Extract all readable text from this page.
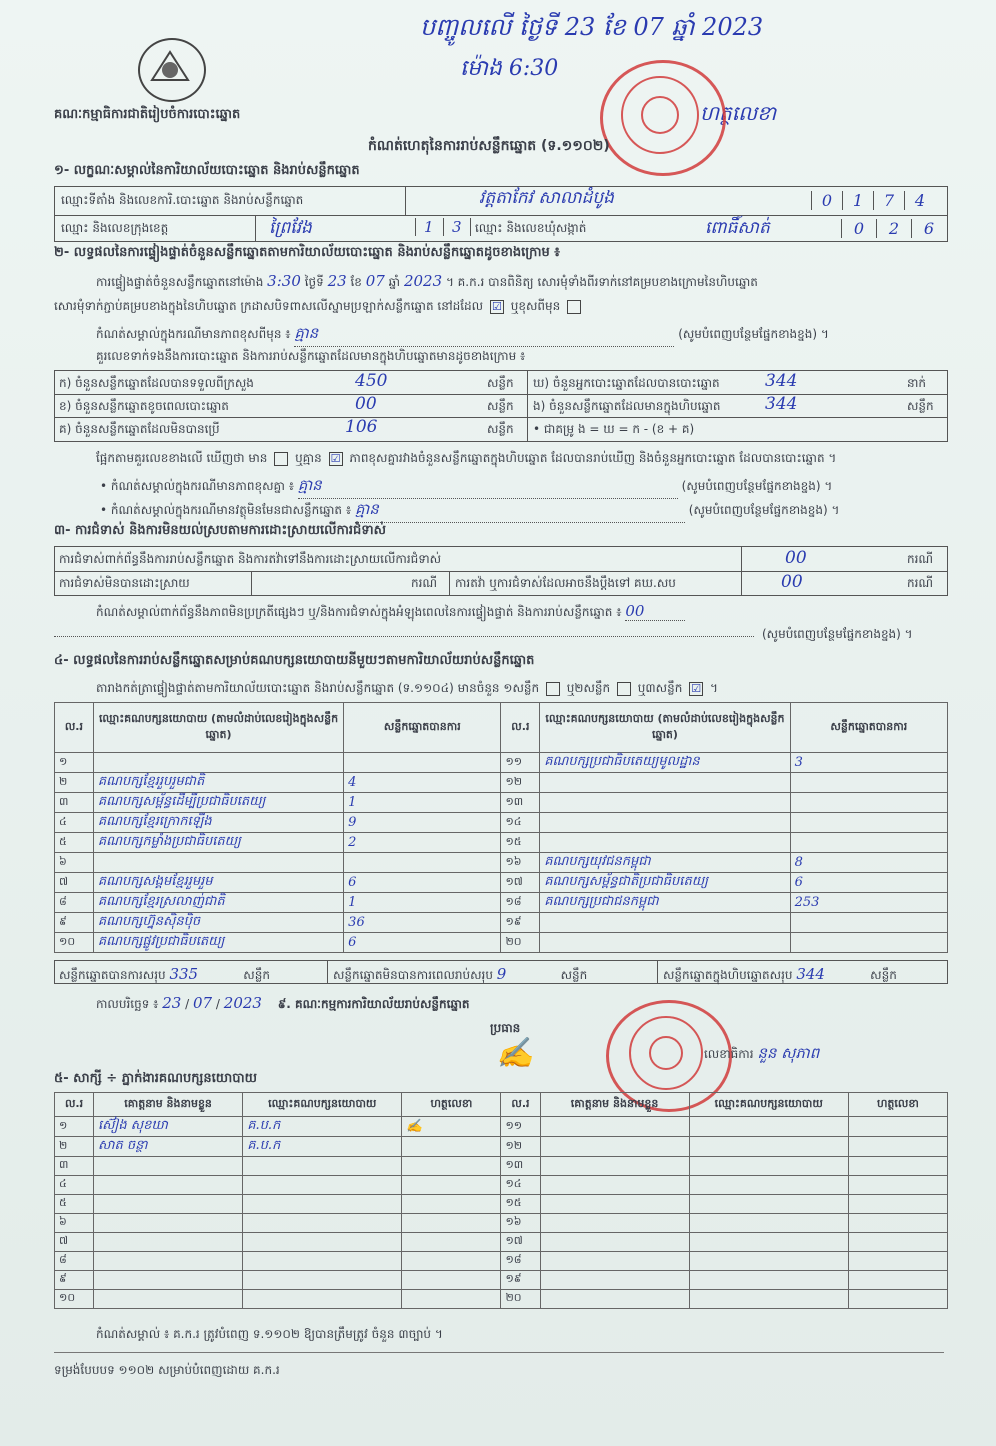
បញ្ចូលលើ ថ្ងៃទី 23 ខែ 07 ឆ្នាំ 2023
ម៉ោង 6:30
ហត្ថលេខា
គណៈកម្មាធិការជាតិរៀបចំការបោះឆ្នោត
កំណត់ហេតុនៃការរាប់សន្លឹកឆ្នោត (ទ.១១០២)
១- លក្ខណៈសម្គាល់នៃការិយាល័យបោះឆ្នោត និងរាប់សន្លឹកឆ្នោត
ឈ្មោះទីតាំង និងលេខការិ.បោះឆ្នោត និងរាប់សន្លឹកឆ្នោត	វត្តតាកែវ សាលាដំបូង	0	1	7	4
ឈ្មោះ និងលេខក្រុងខេត្ត	ព្រៃវែង	1	3	ឈ្មោះ និងលេខឃុំសង្កាត់	ពោធិ៍សាត់	0	2	6
២- លទ្ធផលនៃការផ្ទៀងផ្ទាត់ចំនួនសន្លឹកឆ្នោតតាមការិយាល័យបោះឆ្នោត និងរាប់សន្លឹកឆ្នោតដូចខាងក្រោម ៖
ការផ្ទៀងផ្ទាត់ចំនួនសន្លឹកឆ្នោតនៅម៉ោង 3:30 ថ្ងៃទី 23 ខែ 07 ឆ្នាំ 2023 ។ គ.ក.រ បានពិនិត្យ សោរមុំទាំងពីរទាក់នៅគម្របខាងក្រោមនៃហិបឆ្នោត
សោរមុំទាក់ភ្ជាប់គម្របខាងក្នុងនៃហិបឆ្នោត ក្រដាសបិទពាសលើស្នាមប្រឡាក់សន្លឹកឆ្នោត នៅដដែល ☑ ឬខុសពីមុន
កំណត់សម្គាល់ក្នុងករណីមានភាពខុសពីមុន ៖ គ្មាន	(សូមបំពេញបន្ថែមផ្នែកខាងខ្នង) ។
គួរលេខទាក់ទងនឹងការបោះឆ្នោត និងការរាប់សន្លឹកឆ្នោតដែលមានក្នុងហិបឆ្នោតមានដូចខាងក្រោម ៖
ក) ចំនួនសន្លឹកឆ្នោតដែលបានទទួលពីក្រសួង	450	សន្លឹក ឃ) ចំនួនអ្នកបោះឆ្នោតដែលបានបោះឆ្នោត	344	នាក់
ខ) ចំនួនសន្លឹកឆ្នោតខូចពេលបោះឆ្នោត	00	សន្លឹក ង) ចំនួនសន្លឹកឆ្នោតដែលមានក្នុងហិបឆ្នោត	344	សន្លឹក
គ) ចំនួនសន្លឹកឆ្នោតដែលមិនបានប្រើ	106	សន្លឹក • ជាគម្រូ ង = ឃ = ក - (ខ + គ)
ផ្អែកតាមគួរលេខខាងលើ ឃើញថា មាន ឬគ្មាន ☑ ភាពខុសគ្នារវាងចំនួនសន្លឹកឆ្នោតក្នុងហិបឆ្នោត ដែលបានរាប់ឃើញ និងចំនួនអ្នកបោះឆ្នោត ដែលបានបោះឆ្នោត ។
• កំណត់សម្គាល់ក្នុងករណីមានភាពខុសគ្នា ៖ គ្មាន	(សូមបំពេញបន្ថែមផ្នែកខាងខ្នង) ។
• កំណត់សម្គាល់ក្នុងករណីមានវត្ថុមិនមែនជាសន្លឹកឆ្នោត ៖ គ្មាន	(សូមបំពេញបន្ថែមផ្នែកខាងខ្នង) ។
៣- ការជំទាស់ និងការមិនយល់ស្របតាមការដោះស្រាយលើការជំទាស់
ការជំទាស់ពាក់ព័ន្ធនឹងការរាប់សន្លឹកឆ្នោត និងការតវ៉ាទៅនឹងការដោះស្រាយលើការជំទាស់	00	ករណី
ការជំទាស់មិនបានដោះស្រាយ	ករណី ការតវ៉ា ឬការជំទាស់ដែលអាចនឹងប្ដឹងទៅ គឃ.សប	00	ករណី
កំណត់សម្គាល់ពាក់ព័ន្ធនឹងភាពមិនប្រក្រតីផ្សេងៗ ឬ/និងការជំទាស់ក្នុងអំឡុងពេលនៃការផ្ទៀងផ្ទាត់ និងការរាប់សន្លឹកឆ្នោត ៖ 00
(សូមបំពេញបន្ថែមផ្នែកខាងខ្នង) ។
៤- លទ្ធផលនៃការរាប់សន្លឹកឆ្នោតសម្រាប់គណបក្សនយោបាយនីមួយៗតាមការិយាល័យរាប់សន្លឹកឆ្នោត
តារាងកត់ត្រាផ្ទៀងផ្ទាត់តាមការិយាល័យបោះឆ្នោត និងរាប់សន្លឹកឆ្នោត (ទ.១១០៤) មានចំនួន ១សន្លឹក ឬ២សន្លឹក ឬ៣សន្លឹក ☑ ។
ល.រ	ឈ្មោះគណបក្សនយោបាយ (តាមលំដាប់លេខរៀងក្នុងសន្លឹកឆ្នោត)	សន្លឹកឆ្នោតបានការ	ល.រ	ឈ្មោះគណបក្សនយោបាយ (តាមលំដាប់លេខរៀងក្នុងសន្លឹកឆ្នោត)	សន្លឹកឆ្នោតបានការ
១			១១	គណបក្សប្រជាធិបតេយ្យមូលដ្ឋាន	3
២	គណបក្សខ្មែររួបរួមជាតិ	4	១២		
៣	គណបក្សសម្ព័ន្ធដើម្បីប្រជាធិបតេយ្យ	1	១៣		
៤	គណបក្សខ្មែរក្រោកឡើង	9	១៤		
៥	គណបក្សកម្លាំងប្រជាធិបតេយ្យ	2	១៥		
៦			១៦	គណបក្សយុវជនកម្ពុជា	8
៧	គណបក្សសង្គមខ្មែររួមរួម	6	១៧	គណបក្សសម្ព័ន្ធជាតិប្រជាធិបតេយ្យ	6
៨	គណបក្សខ្មែរស្រលាញ់ជាតិ	1	១៨	គណបក្សប្រជាជនកម្ពុជា	253
៩	គណបក្សហ្វ៊ុនស៊ិនប៉ិច	36	១៩		
១០	គណបក្សផ្លូវប្រជាធិបតេយ្យ	6	២០		
សន្លឹកឆ្នោតបានការសរុប 335	សន្លឹក	សន្លឹកឆ្នោតមិនបានការពេលរាប់សរុប 9	សន្លឹក	សន្លឹកឆ្នោតក្នុងហិបឆ្នោតសរុប 344	សន្លឹក
កាលបរិច្ឆេទ ៖ 23 / 07 / 2023 ៩. គណៈកម្មការការិយាល័យរាប់សន្លឹកឆ្នោត
ប្រធាន
✍	លេខាធិការ នួន សុភាព
៥- សាក្សី ÷ ភ្នាក់ងារគណបក្សនយោបាយ
ល.រ	គោត្តនាម និងនាមខ្លួន	ឈ្មោះគណបក្សនយោបាយ	ហត្ថលេខា	ល.រ	គោត្តនាម និងនាមខ្លួន	ឈ្មោះគណបក្សនយោបាយ	ហត្ថលេខា
១	ស៊ៀង សុខឃា	គ.ប.ក	✍	១១			
២	សាត ចន្ថា	គ.ប.ក		១២			
៣				១៣			
៤				១៤			
៥				១៥			
៦				១៦			
៧				១៧			
៨				១៨			
៩				១៩			
១០				២០			
កំណត់សម្គាល់ ៖ គ.ក.រ ត្រូវបំពេញ ទ.១១០២ ឱ្យបានត្រឹមត្រូវ ចំនួន ៣ច្បាប់ ។
ទម្រង់បែបបទ ១១០២ សម្រាប់បំពេញដោយ គ.ក.រ
